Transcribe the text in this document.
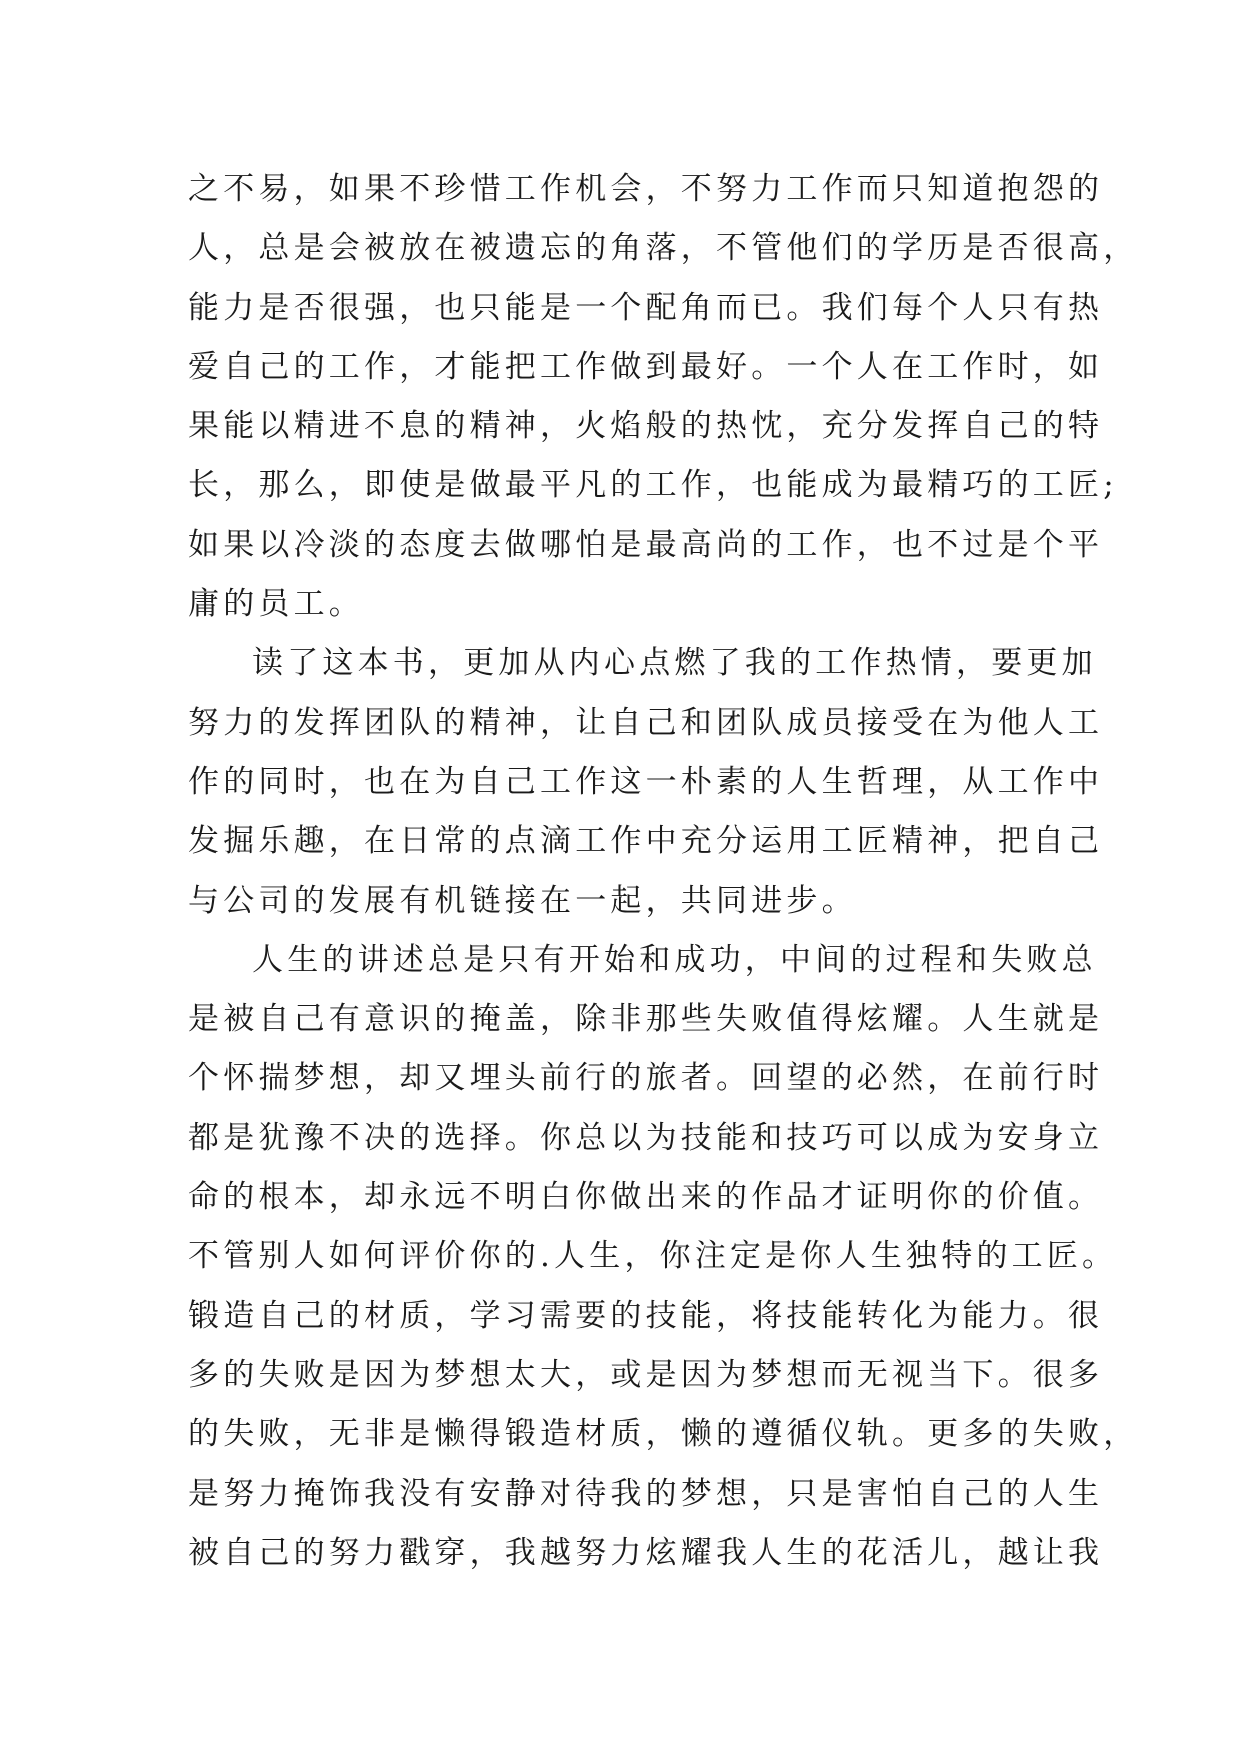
之不易，如果不珍惜工作机会，不努力工作而只知道抱怨的
人，总是会被放在被遗忘的角落，不管他们的学历是否很高，
能力是否很强，也只能是一个配角而已。我们每个人只有热
爱自己的工作，才能把工作做到最好。一个人在工作时，如
果能以精进不息的精神，火焰般的热忱，充分发挥自己的特
长，那么，即使是做最平凡的工作，也能成为最精巧的工匠;
如果以冷淡的态度去做哪怕是最高尚的工作，也不过是个平
庸的员工。
读了这本书，更加从内心点燃了我的工作热情，要更加
努力的发挥团队的精神，让自己和团队成员接受在为他人工
作的同时，也在为自己工作这一朴素的人生哲理，从工作中
发掘乐趣，在日常的点滴工作中充分运用工匠精神，把自己
与公司的发展有机链接在一起，共同进步。
人生的讲述总是只有开始和成功，中间的过程和失败总
是被自己有意识的掩盖，除非那些失败值得炫耀。人生就是
个怀揣梦想，却又埋头前行的旅者。回望的必然，在前行时
都是犹豫不决的选择。你总以为技能和技巧可以成为安身立
命的根本，却永远不明白你做出来的作品才证明你的价值。
不管别人如何评价你的.人生，你注定是你人生独特的工匠。
锻造自己的材质，学习需要的技能，将技能转化为能力。很
多的失败是因为梦想太大，或是因为梦想而无视当下。很多
的失败，无非是懒得锻造材质，懒的遵循仪轨。更多的失败，
是努力掩饰我没有安静对待我的梦想，只是害怕自己的人生
被自己的努力戳穿，我越努力炫耀我人生的花活儿，越让我
